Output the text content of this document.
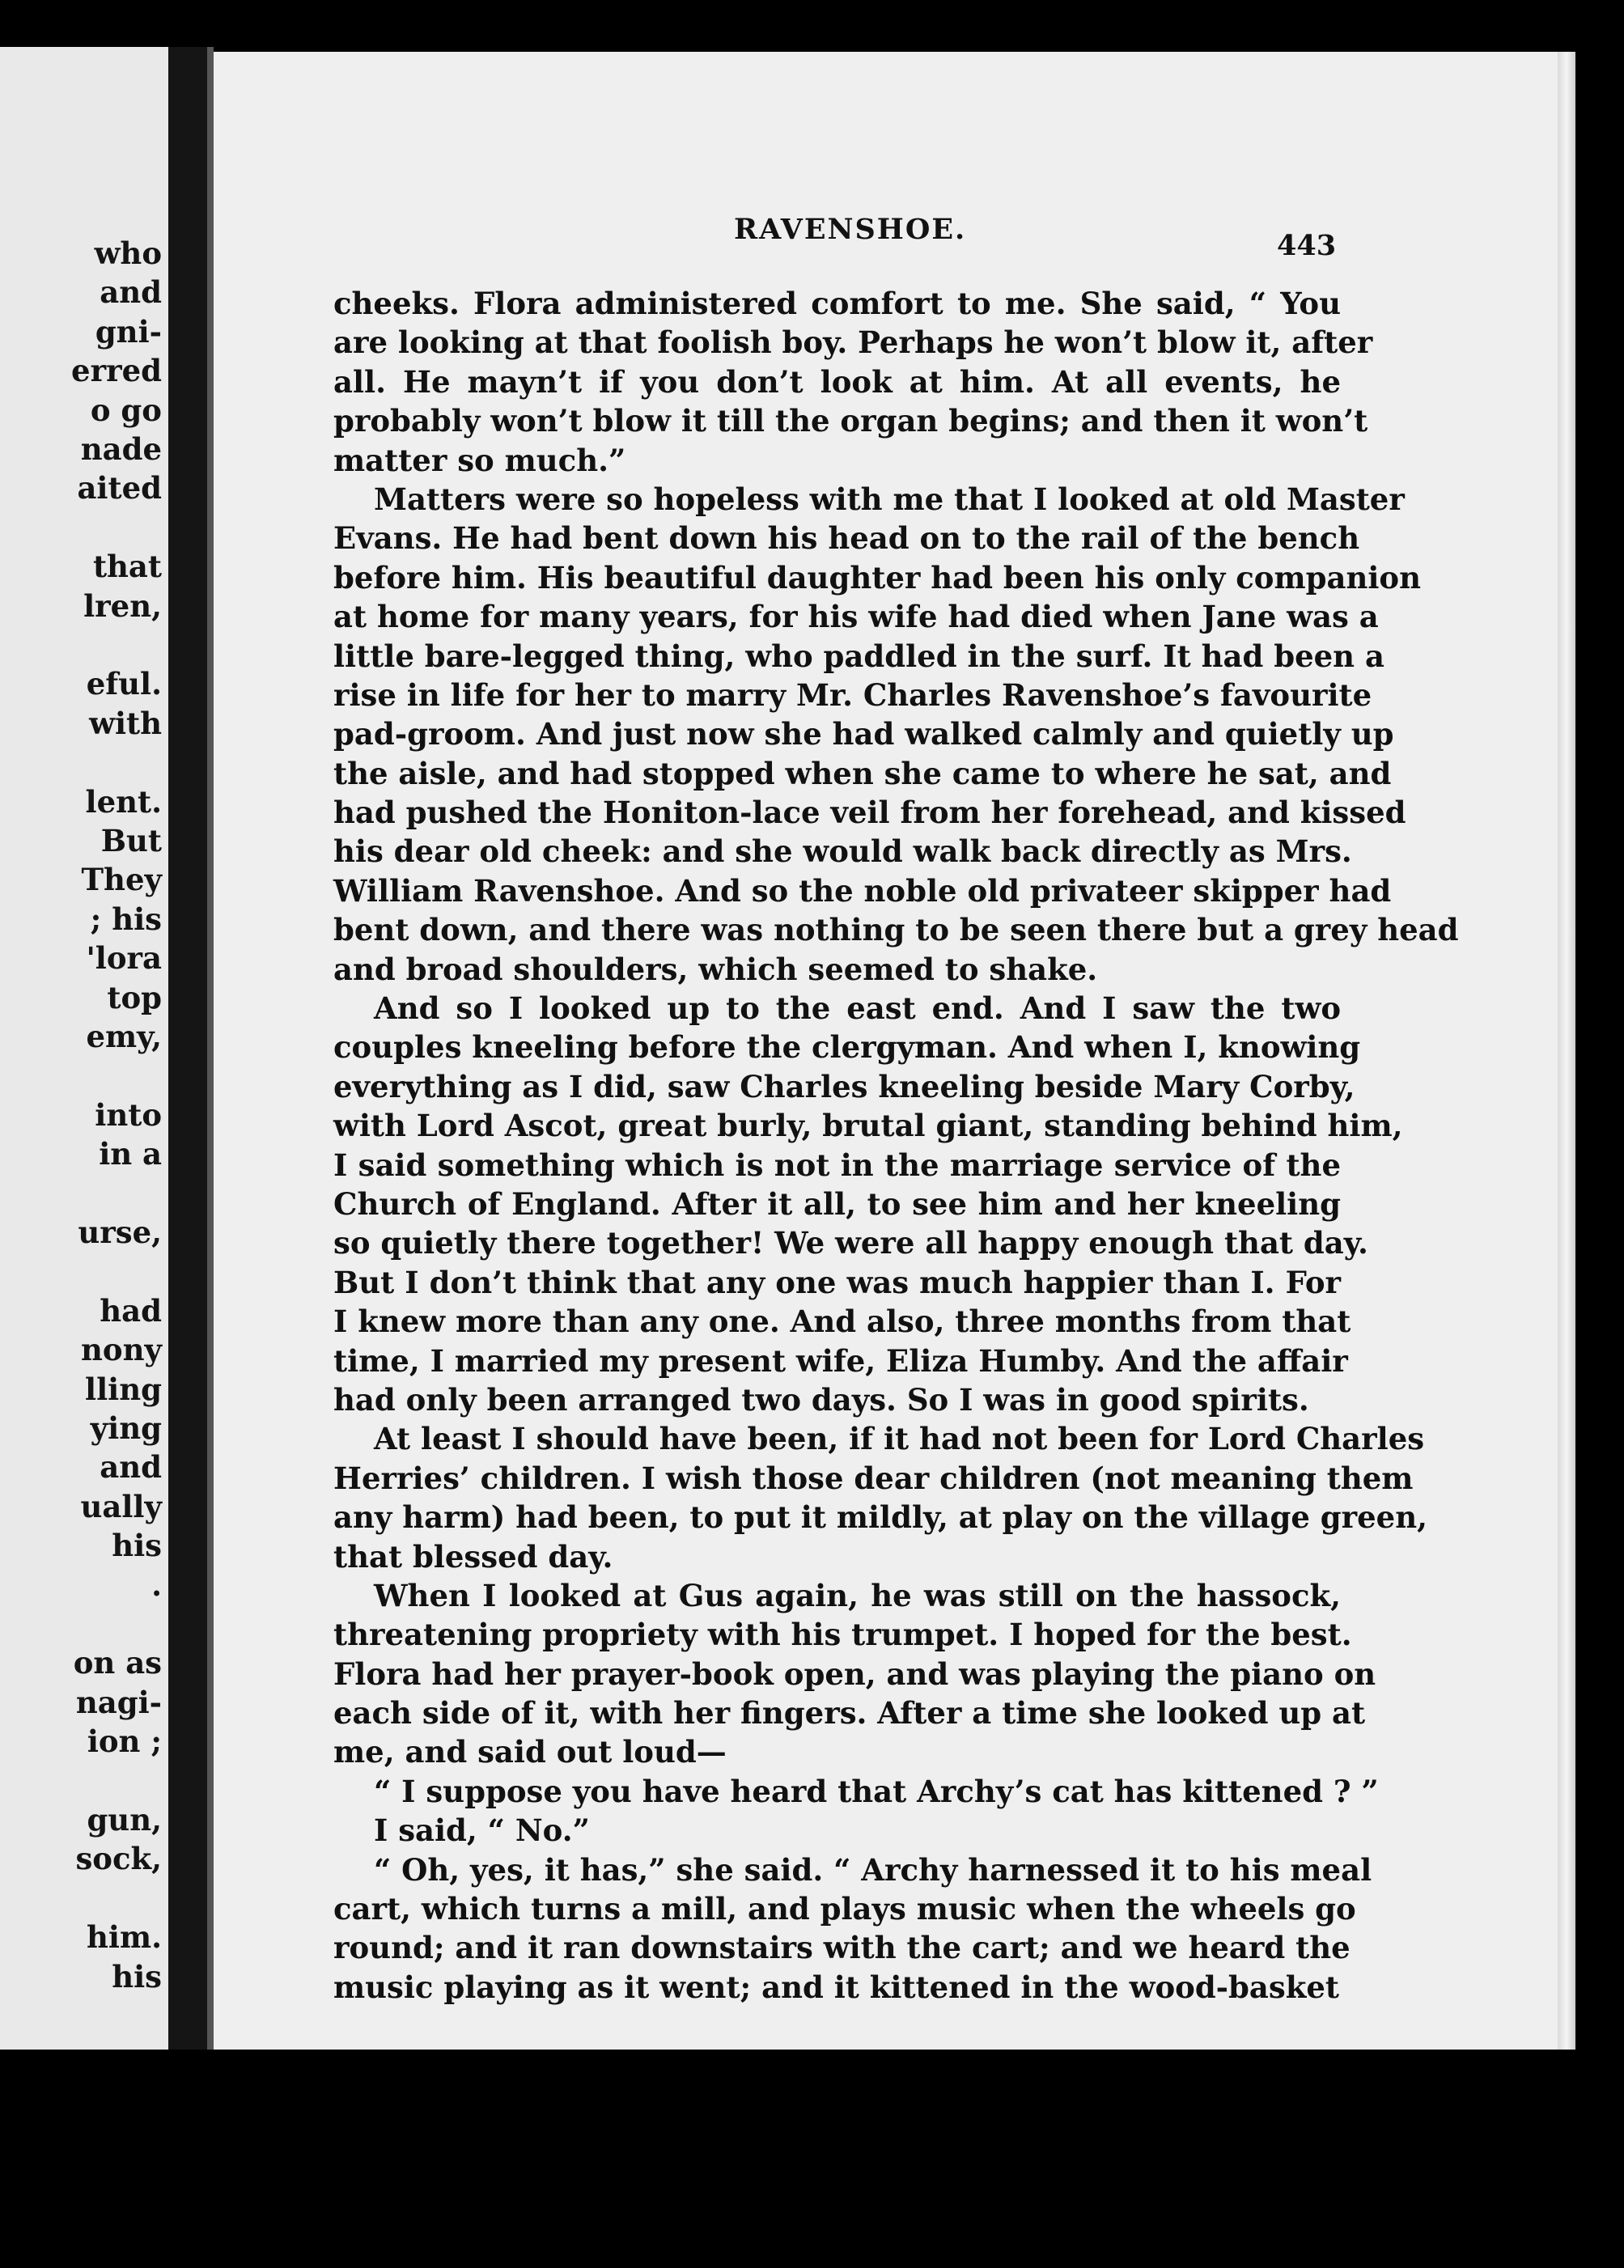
who
and
gni-
erred
o go
nade
aited
that
lren,
eful.
with
lent.
But
They
; his
'lora
top
emy,
into
in a
urse,
had
nony
lling
ying
and
ually
his
.
on as
nagi-
ion ;
gun,
sock,
him.
his
RAVENSHOE.	443
cheeks. Flora administered comfort to me. She said, “ You
are looking at that foolish boy. Perhaps he won’t blow it, after
all. He mayn’t if you don’t look at him. At all events, he
probably won’t blow it till the organ begins; and then it won’t
matter so much.”
Matters were so hopeless with me that I looked at old Master
Evans. He had bent down his head on to the rail of the bench
before him. His beautiful daughter had been his only companion
at home for many years, for his wife had died when Jane was a
little bare-legged thing, who paddled in the surf. It had been a
rise in life for her to marry Mr. Charles Ravenshoe’s favourite
pad-groom. And just now she had walked calmly and quietly up
the aisle, and had stopped when she came to where he sat, and
had pushed the Honiton-lace veil from her forehead, and kissed
his dear old cheek: and she would walk back directly as Mrs.
William Ravenshoe. And so the noble old privateer skipper had
bent down, and there was nothing to be seen there but a grey head
and broad shoulders, which seemed to shake.
And so I looked up to the east end. And I saw the two
couples kneeling before the clergyman. And when I, knowing
everything as I did, saw Charles kneeling beside Mary Corby,
with Lord Ascot, great burly, brutal giant, standing behind him,
I said something which is not in the marriage service of the
Church of England. After it all, to see him and her kneeling
so quietly there together! We were all happy enough that day.
But I don’t think that any one was much happier than I. For
I knew more than any one. And also, three months from that
time, I married my present wife, Eliza Humby. And the affair
had only been arranged two days. So I was in good spirits.
At least I should have been, if it had not been for Lord Charles
Herries’ children. I wish those dear children (not meaning them
any harm) had been, to put it mildly, at play on the village green,
that blessed day.
When I looked at Gus again, he was still on the hassock,
threatening propriety with his trumpet. I hoped for the best.
Flora had her prayer-book open, and was playing the piano on
each side of it, with her fingers. After a time she looked up at
me, and said out loud—
“ I suppose you have heard that Archy’s cat has kittened ? ”
I said, “ No.”
“ Oh, yes, it has,” she said. “ Archy harnessed it to his meal
cart, which turns a mill, and plays music when the wheels go
round; and it ran downstairs with the cart; and we heard the
music playing as it went; and it kittened in the wood-basket
